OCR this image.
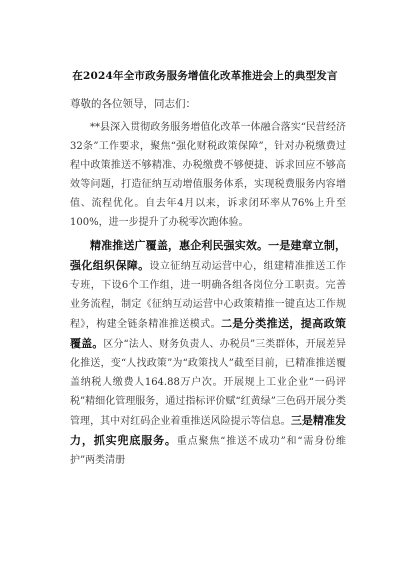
在2024年全市政务服务增值化改革推进会上的典型发言
尊敬的各位领导，同志们：

**县深入贯彻政务服务增值化改革一体融合落实“民营经济32条”工作要求，聚焦“强化财税政策保障”，针对办税缴费过程中政策推送不够精准、办税缴费不够便捷、诉求回应不够高效等问题，打造征纳互动增值服务体系，实现税费服务内容增值、流程优化。自去年4月以来，诉求闭环率从76%上升至100%，进一步提升了办税零次跑体验。

精准推送广覆盖，惠企利民强实效。一是建章立制，强化组织保障。设立征纳互动运营中心，组建精准推送工作专班，下设6个工作组，进一明确各组各岗位分工职责。完善业务流程，制定《征纳互动运营中心政策精推一键直达工作规程》，构建全链条精准推送模式。二是分类推送，提高政策覆盖。区分“法人、财务负责人、办税员”三类群体，开展差异化推送，变“人找政策”为“政策找人”截至目前，已精准推送覆盖纳税人缴费人164.88万户次。开展规上工业企业“一码评税”精细化管理服务，通过指标评价赋“红黄绿”三色码开展分类管理，其中对红码企业着重推送风险提示等信息。三是精准发力，抓实兜底服务。重点聚焦“推送不成功”和“需身份维护”两类清册
